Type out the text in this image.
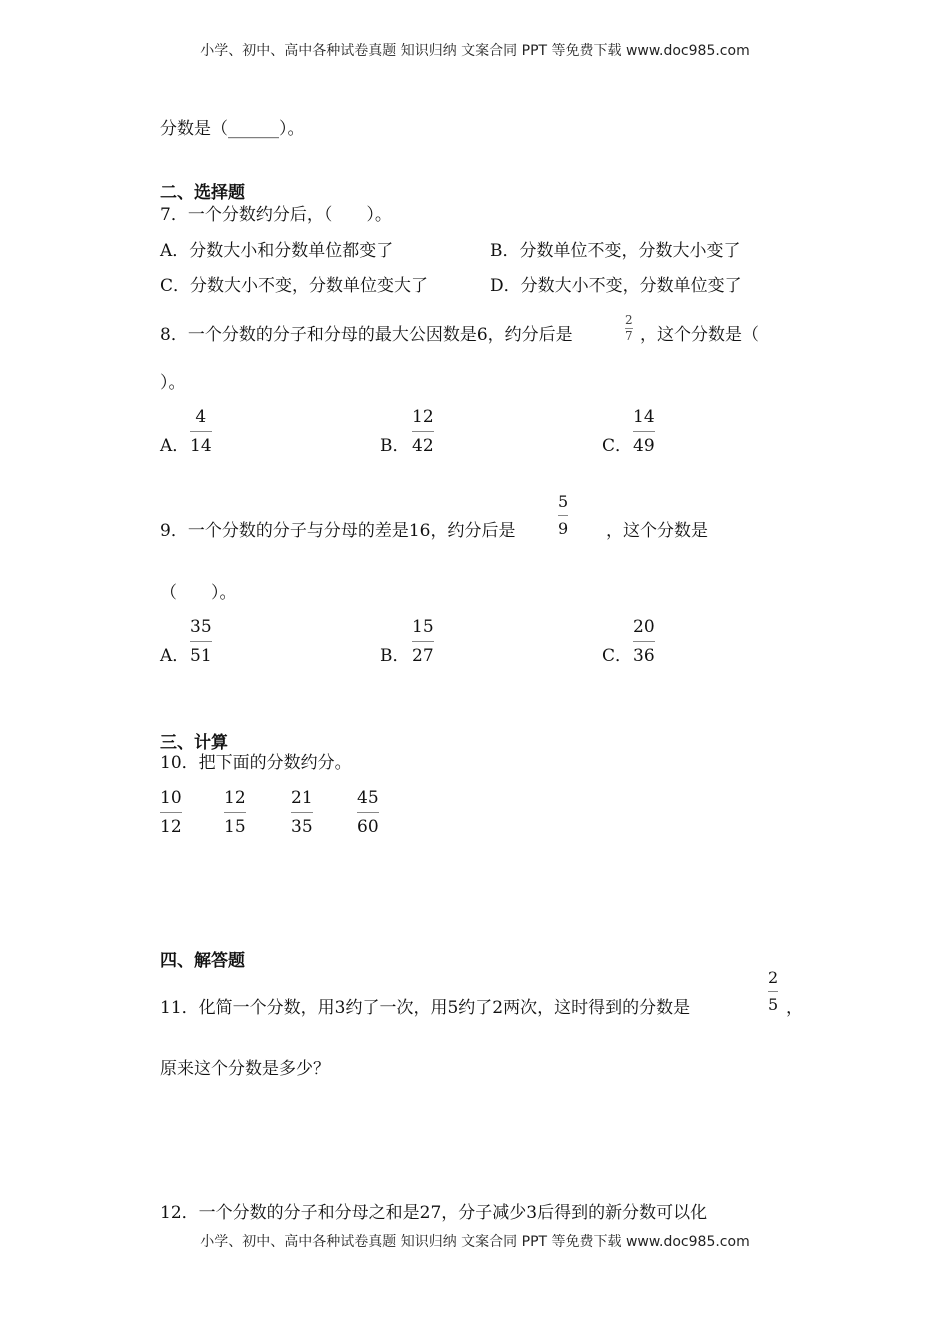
小学、初中、高中各种试卷真题 知识归纳 文案合同 PPT 等免费下载 www.doc985.com
分数是（______）。
二、选择题
7．一个分数约分后，（　　）。
A．分数大小和分数单位都变了	B．分数单位不变，分数大小变了
C．分数大小不变，分数单位变大了	D．分数大小不变，分数单位变了
8．一个分数的分子和分母的最大公因数是6，约分后是
2
7 ，这个分数是（
）。
A．
4
14	B．
12
42	C．
14
49
9．一个分数的分子与分母的差是16，约分后是
5
9 ，这个分数是
（　　）。
A．
35
51	B．
15
27	C．
20
36
三、计算
10．把下面的分数约分。
10
12
12
15
21
35
45
60
四、解答题
11．化简一个分数，用3约了一次，用5约了2两次，这时得到的分数是
2
5 ，
原来这个分数是多少？
12．一个分数的分子和分母之和是27，分子减少3后得到的新分数可以化
小学、初中、高中各种试卷真题 知识归纳 文案合同 PPT 等免费下载 www.doc985.com
